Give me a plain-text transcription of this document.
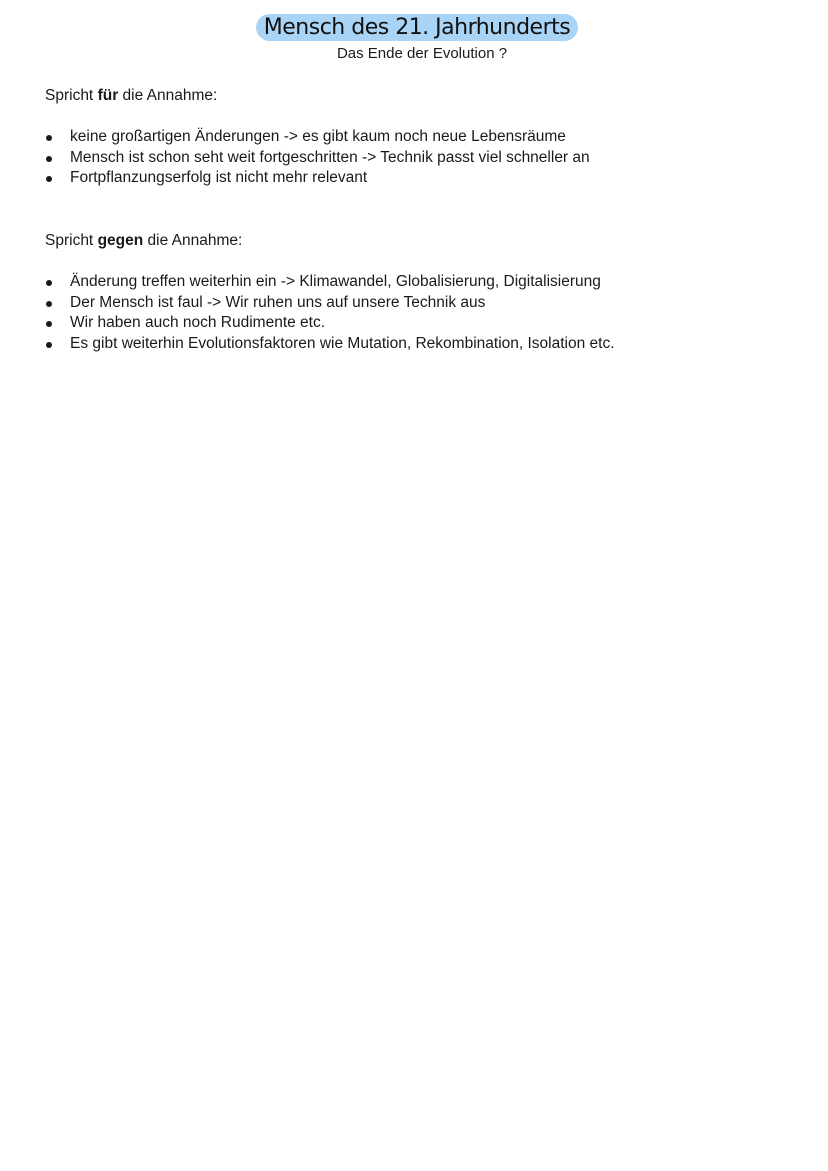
Mensch des 21. Jahrhunderts
Das Ende der Evolution ?
Spricht für die Annahme:
keine großartigen Änderungen -> es gibt kaum noch neue Lebensräume
Mensch ist schon seht weit fortgeschritten -> Technik passt viel schneller an
Fortpflanzungserfolg ist nicht mehr relevant
Spricht gegen die Annahme:
Änderung treffen weiterhin ein -> Klimawandel, Globalisierung, Digitalisierung
Der Mensch ist faul -> Wir ruhen uns auf unsere Technik aus
Wir haben auch noch Rudimente etc.
Es gibt weiterhin Evolutionsfaktoren wie Mutation, Rekombination, Isolation etc.
